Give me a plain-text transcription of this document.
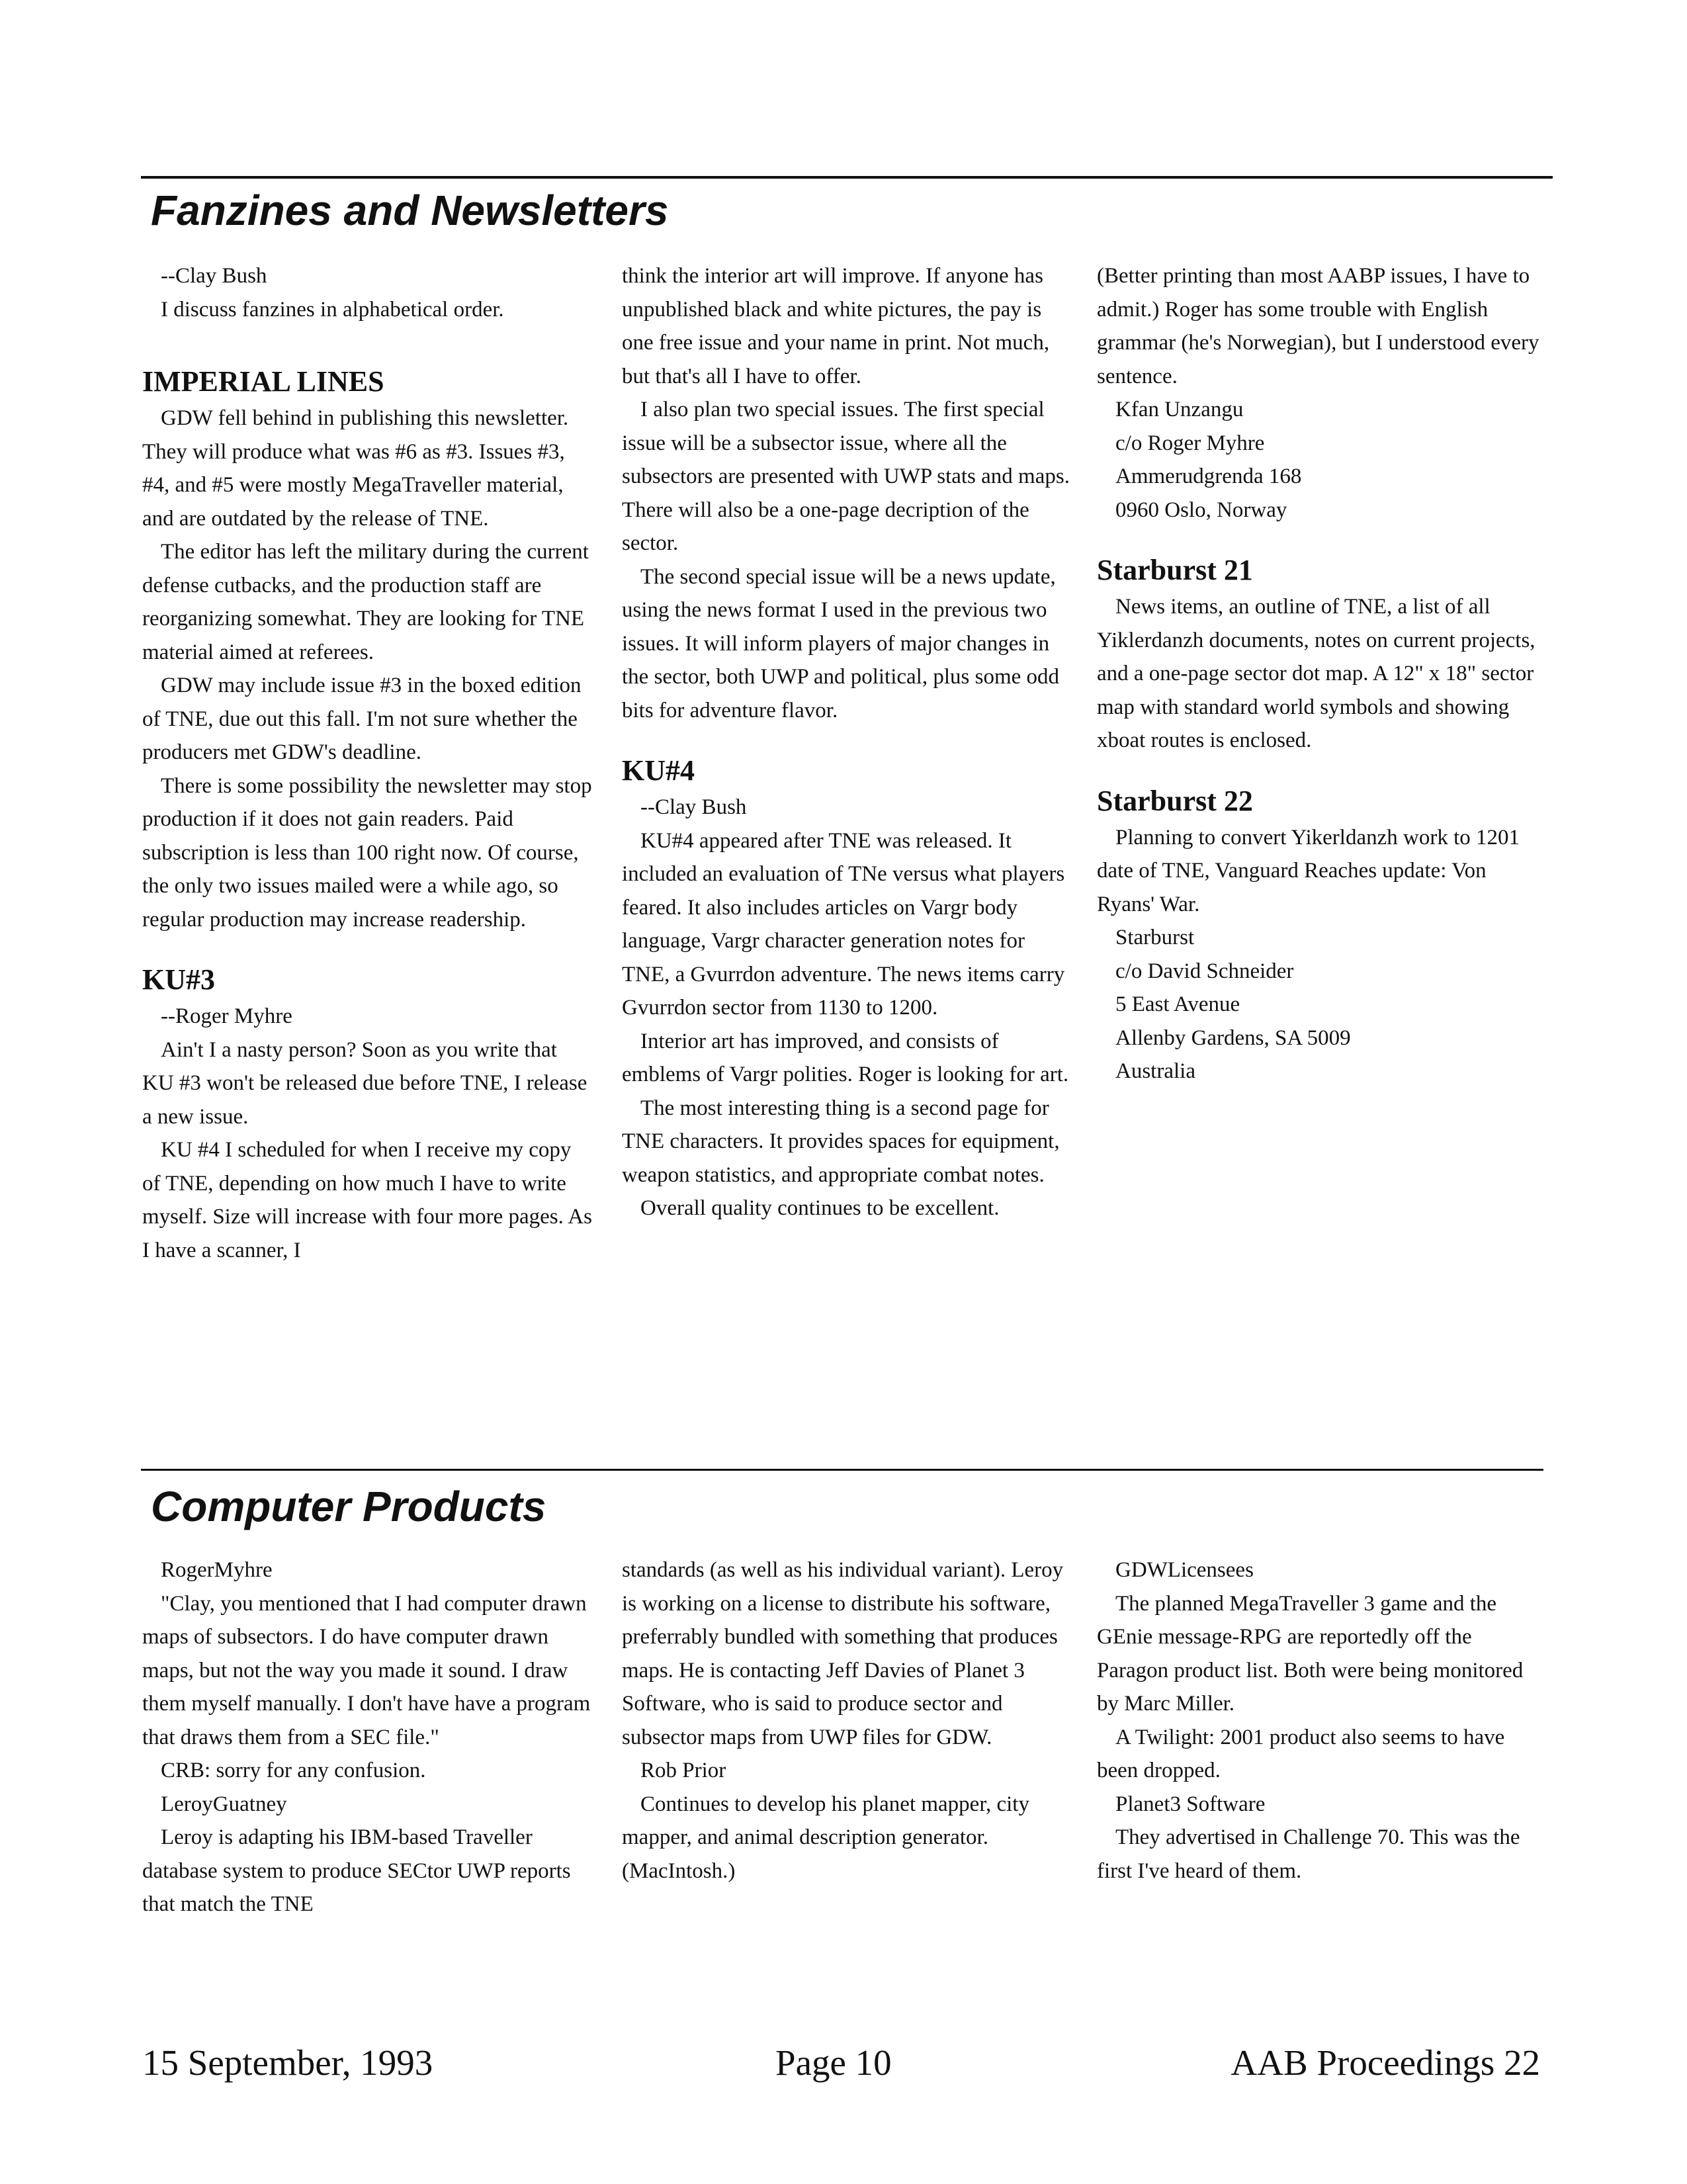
Fanzines and Newsletters

--Clay Bush

I discuss fanzines in alphabetical order.

IMPERIAL LINES

GDW fell behind in publishing this newsletter. They will produce what was #6 as #3. Issues #3, #4, and #5 were mostly MegaTraveller material, and are outdated by the release of TNE.

The editor has left the military during the current defense cutbacks, and the production staff are reorganizing somewhat. They are looking for TNE material aimed at referees.

GDW may include issue #3 in the boxed edition of TNE, due out this fall. I'm not sure whether the producers met GDW's deadline.

There is some possibility the newsletter may stop production if it does not gain readers. Paid subscription is less than 100 right now. Of course, the only two issues mailed were a while ago, so regular production may increase readership.

KU#3

--Roger Myhre

Ain't I a nasty person? Soon as you write that KU #3 won't be released due before TNE, I release a new issue.

KU #4 I scheduled for when I receive my copy of TNE, depending on how much I have to write myself. Size will increase with four more pages. As I have a scanner, I

think the interior art will improve. If anyone has unpublished black and white pictures, the pay is one free issue and your name in print. Not much, but that's all I have to offer.

I also plan two special issues. The first special issue will be a subsector issue, where all the subsectors are presented with UWP stats and maps. There will also be a one-page decription of the sector.

The second special issue will be a news update, using the news format I used in the previous two issues. It will inform players of major changes in the sector, both UWP and political, plus some odd bits for adventure flavor.

KU#4

--Clay Bush

KU#4 appeared after TNE was released. It included an evaluation of TNe versus what players feared. It also includes articles on Vargr body language, Vargr character generation notes for TNE, a Gvurrdon adventure. The news items carry Gvurrdon sector from 1130 to 1200.

Interior art has improved, and consists of emblems of Vargr polities. Roger is looking for art.

The most interesting thing is a second page for TNE characters. It provides spaces for equipment, weapon statistics, and appropriate combat notes.

Overall quality continues to be excellent.

(Better printing than most AABP issues, I have to admit.) Roger has some trouble with English grammar (he's Norwegian), but I understood every sentence.

Kfan Unzangu

c/o Roger Myhre

Ammerudgrenda 168

0960 Oslo, Norway

Starburst 21

News items, an outline of TNE, a list of all Yiklerdanzh documents, notes on current projects, and a one-page sector dot map. A 12" x 18" sector map with standard world symbols and showing xboat routes is enclosed.

Starburst 22

Planning to convert Yikerldanzh work to 1201 date of TNE, Vanguard Reaches update: Von Ryans' War.

Starburst

c/o David Schneider

5 East Avenue

Allenby Gardens, SA 5009

Australia

Computer Products

RogerMyhre

"Clay, you mentioned that I had computer drawn maps of subsectors. I do have computer drawn maps, but not the way you made it sound. I draw them myself manually. I don't have have a program that draws them from a SEC file."

CRB: sorry for any confusion.

LeroyGuatney

Leroy is adapting his IBM-based Traveller database system to produce SECtor UWP reports that match the TNE

standards (as well as his individual variant). Leroy is working on a license to distribute his software, preferrably bundled with something that produces maps. He is contacting Jeff Davies of Planet 3 Software, who is said to produce sector and subsector maps from UWP files for GDW.

Rob Prior

Continues to develop his planet mapper, city mapper, and animal description generator. (MacIntosh.)

GDWLicensees

The planned MegaTraveller 3 game and the GEnie message-RPG are reportedly off the Paragon product list. Both were being monitored by Marc Miller.

A Twilight: 2001 product also seems to have been dropped.

Planet3 Software

They advertised in Challenge 70. This was the first I've heard of them.

15 September, 1993	Page 10	AAB Proceedings 22
